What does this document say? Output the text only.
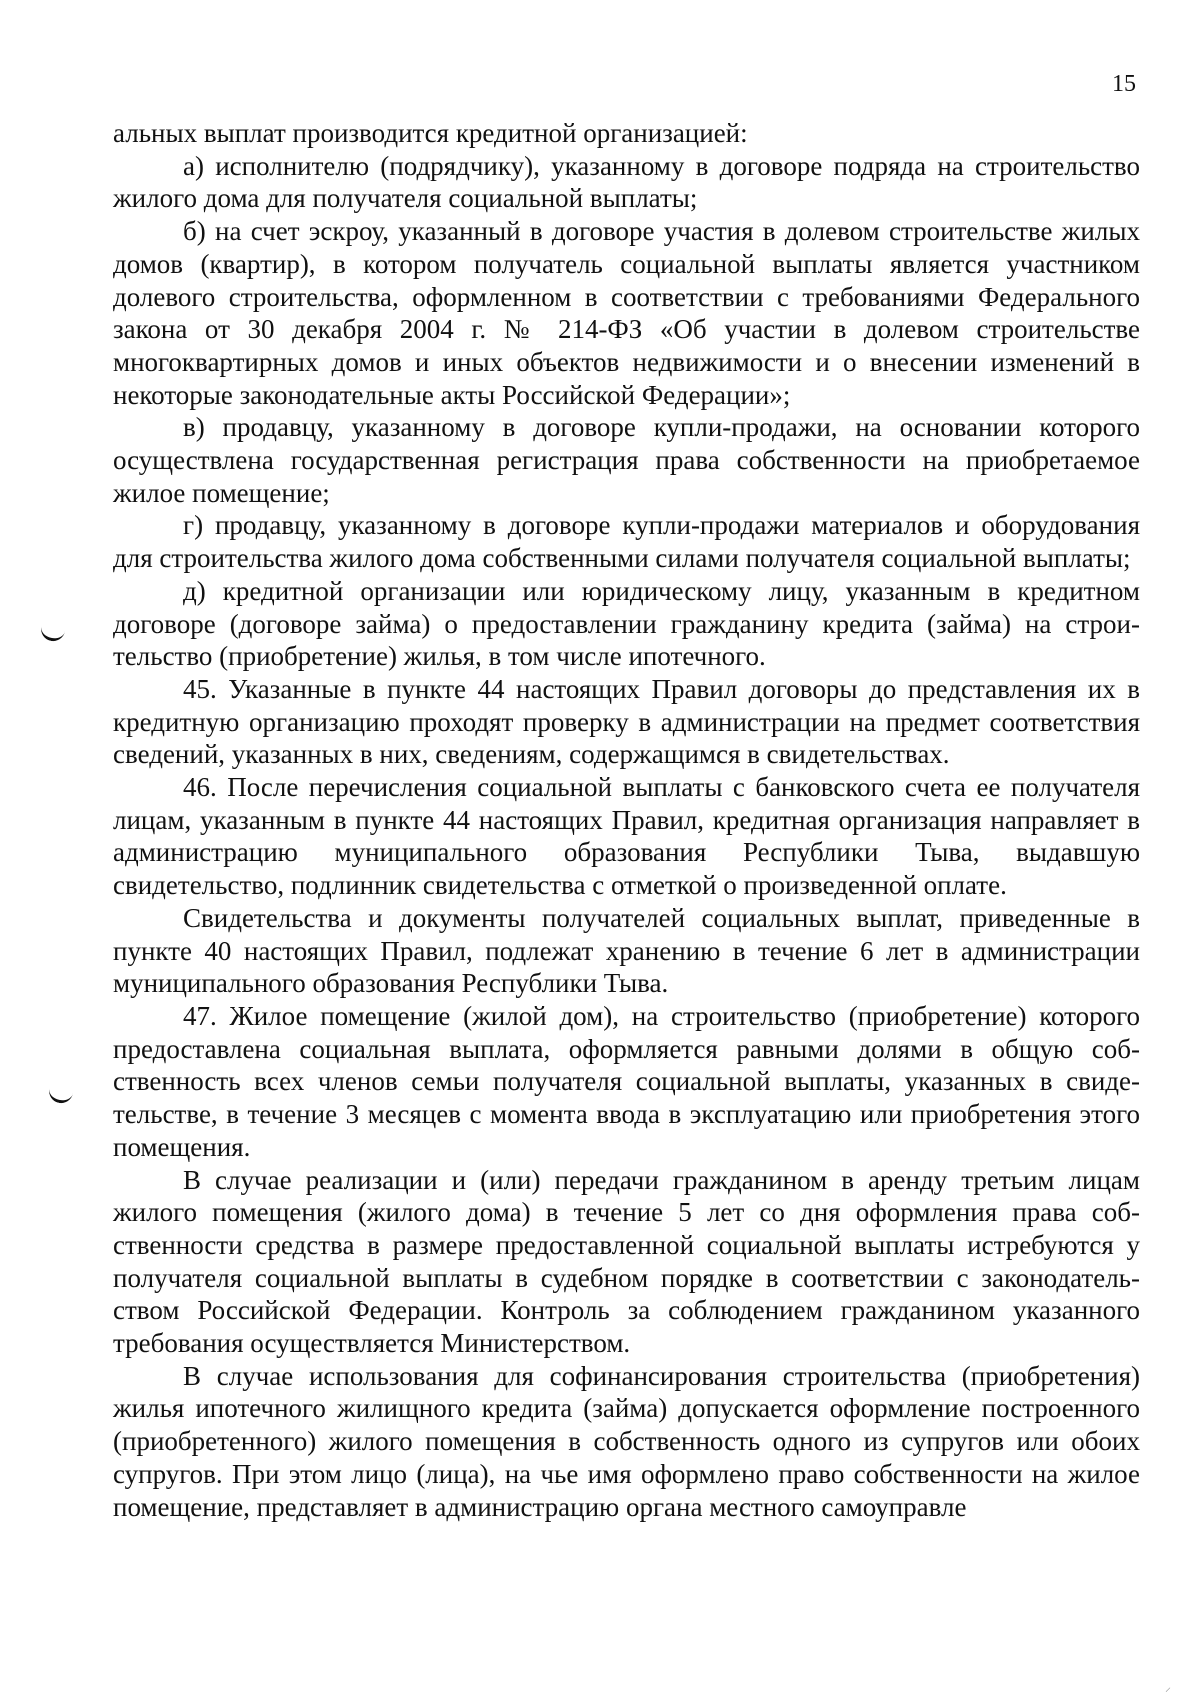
15

альных выплат производится кредитной организацией:

а) исполнителю (подрядчику), указанному в договоре подряда на строительство жилого дома для получателя социальной выплаты;

б) на счет эскроу, указанный в договоре участия в долевом строительстве жилых домов (квартир), в котором получатель социальной выплаты является участником долевого строительства, оформленном в соответствии с требованиями Федерального закона от 30 декабря 2004 г. № 214-ФЗ «Об участии в долевом строительстве многоквартирных домов и иных объектов недвижимости и о внесении изменений в некоторые законодательные акты Российской Федерации»;

в) продавцу, указанному в договоре купли-продажи, на основании которого осуществлена государственная регистрация права собственности на приобретаемое жилое помещение;

г) продавцу, указанному в договоре купли-продажи материалов и оборудования для строительства жилого дома собственными силами получателя социальной выплаты;

д) кредитной организации или юридическому лицу, указанным в кредитном договоре (договоре займа) о предоставлении гражданину кредита (займа) на строительство (приобретение) жилья, в том числе ипотечного.

45. Указанные в пункте 44 настоящих Правил договоры до представления их в кредитную организацию проходят проверку в администрации на предмет соответствия сведений, указанных в них, сведениям, содержащимся в свидетельствах.

46. После перечисления социальной выплаты с банковского счета ее получателя лицам, указанным в пункте 44 настоящих Правил, кредитная организация направляет в администрацию муниципального образования Республики Тыва, выдавшую свидетельство, подлинник свидетельства с отметкой о произведенной оплате.

Свидетельства и документы получателей социальных выплат, приведенные в пункте 40 настоящих Правил, подлежат хранению в течение 6 лет в администрации муниципального образования Республики Тыва.

47. Жилое помещение (жилой дом), на строительство (приобретение) которого предоставлена социальная выплата, оформляется равными долями в общую собственность всех членов семьи получателя социальной выплаты, указанных в свидетельстве, в течение 3 месяцев с момента ввода в эксплуатацию или приобретения этого помещения.

В случае реализации и (или) передачи гражданином в аренду третьим лицам жилого помещения (жилого дома) в течение 5 лет со дня оформления права собственности средства в размере предоставленной социальной выплаты истребуются у получателя социальной выплаты в судебном порядке в соответствии с законодательством Российской Федерации. Контроль за соблюдением гражданином указанного требования осуществляется Министерством.

В случае использования для софинансирования строительства (приобретения) жилья ипотечного жилищного кредита (займа) допускается оформление построенного (приобретенного) жилого помещения в собственность одного из супругов или обоих супругов. При этом лицо (лица), на чье имя оформлено право собственности на жилое помещение, представляет в администрацию органа местного самоуправле

⸝
